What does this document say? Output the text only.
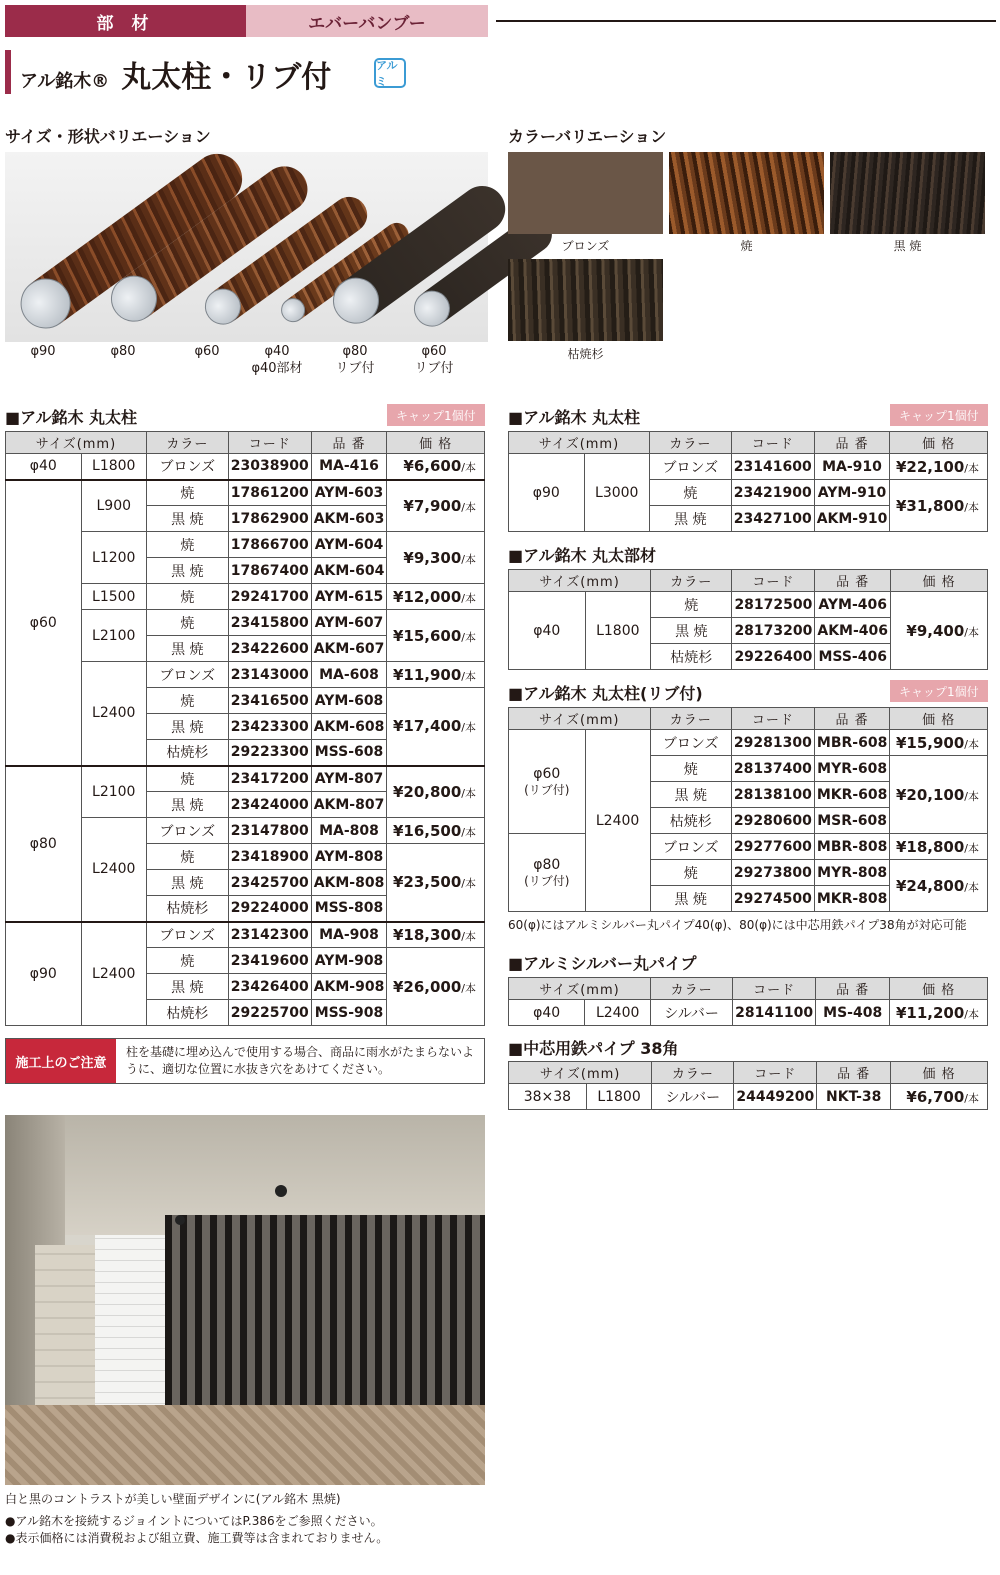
部 材	エバーバンブー
アル銘木® 丸太柱・リブ付	アルミ
サイズ・形状バリエーション	カラーバリエーション
φ90	φ80	φ60	φ40
φ40部材
φ80
リブ付
φ60
リブ付
ブロンズ	焼	黒 焼
枯焼杉
■アル銘木 丸太柱	キャップ1個付
サイズ(mm)		カラー	コード	品 番	価 格
φ40	L1800	ブロンズ	23038900	MA-416	¥6,600/本
φ60	L900	焼	17861200	AYM-603	¥7,900/本
		黒 焼	17862900	AKM-603	
	L1200	焼	17866700	AYM-604	¥9,300/本
		黒 焼	17867400	AKM-604	
	L1500	焼	29241700	AYM-615	¥12,000/本
	L2100	焼	23415800	AYM-607	¥15,600/本
		黒 焼	23422600	AKM-607	
	L2400	ブロンズ	23143000	MA-608	¥11,900/本
		焼	23416500	AYM-608	¥17,400/本
		黒 焼	23423300	AKM-608	
		枯焼杉	29223300	MSS-608	
φ80	L2100	焼	23417200	AYM-807	¥20,800/本
		黒 焼	23424000	AKM-807	
	L2400	ブロンズ	23147800	MA-808	¥16,500/本
		焼	23418900	AYM-808	¥23,500/本
		黒 焼	23425700	AKM-808	
		枯焼杉	29224000	MSS-808	
φ90	L2400	ブロンズ	23142300	MA-908	¥18,300/本
		焼	23419600	AYM-908	¥26,000/本
		黒 焼	23426400	AKM-908	
		枯焼杉	29225700	MSS-908	
■アル銘木 丸太柱	キャップ1個付
サイズ(mm)		カラー	コード	品 番	価 格
φ90	L3000	ブロンズ	23141600	MA-910	¥22,100/本
		焼	23421900	AYM-910	¥31,800/本
		黒 焼	23427100	AKM-910	
■アル銘木 丸太部材
サイズ(mm)		カラー	コード	品 番	価 格
φ40	L1800	焼	28172500	AYM-406	¥9,400/本
		黒 焼	28173200	AKM-406	
		枯焼杉	29226400	MSS-406	
■アル銘木 丸太柱(リブ付)	キャップ1個付
サイズ(mm)		カラー	コード	品 番	価 格

φ60
(リブ付)	L2400	ブロンズ	29281300	MBR-608	¥15,900/本
		焼	28137400	MYR-608	¥20,100/本
		黒 焼	28138100	MKR-608	
		枯焼杉	29280600	MSR-608	

φ80
(リブ付)		ブロンズ	29277600	MBR-808	¥18,800/本
		焼	29273800	MYR-808	¥24,800/本
		黒 焼	29274500	MKR-808	
60(φ)にはアルミシルバー丸パイプ40(φ)、80(φ)には中芯用鉄パイプ38角が対応可能
■アルミシルバー丸パイプ
サイズ(mm)		カラー	コード	品 番	価 格
φ40	L2400	シルバー	28141100	MS-408	¥11,200/本
■中芯用鉄パイプ 38角
サイズ(mm)		カラー	コード	品 番	価 格
38×38	L1800	シルバー	24449200	NKT-38	¥6,700/本
施工上のご注意
柱を基礎に埋め込んで使用する場合、商品に雨水がたまらないように、適切な位置に水抜き穴をあけてください。
白と黒のコントラストが美しい壁面デザインに(アル銘木 黒焼)
●アル銘木を接続するジョイントについてはP.386をご参照ください。
●表示価格には消費税および組立費、施工費等は含まれておりません。
